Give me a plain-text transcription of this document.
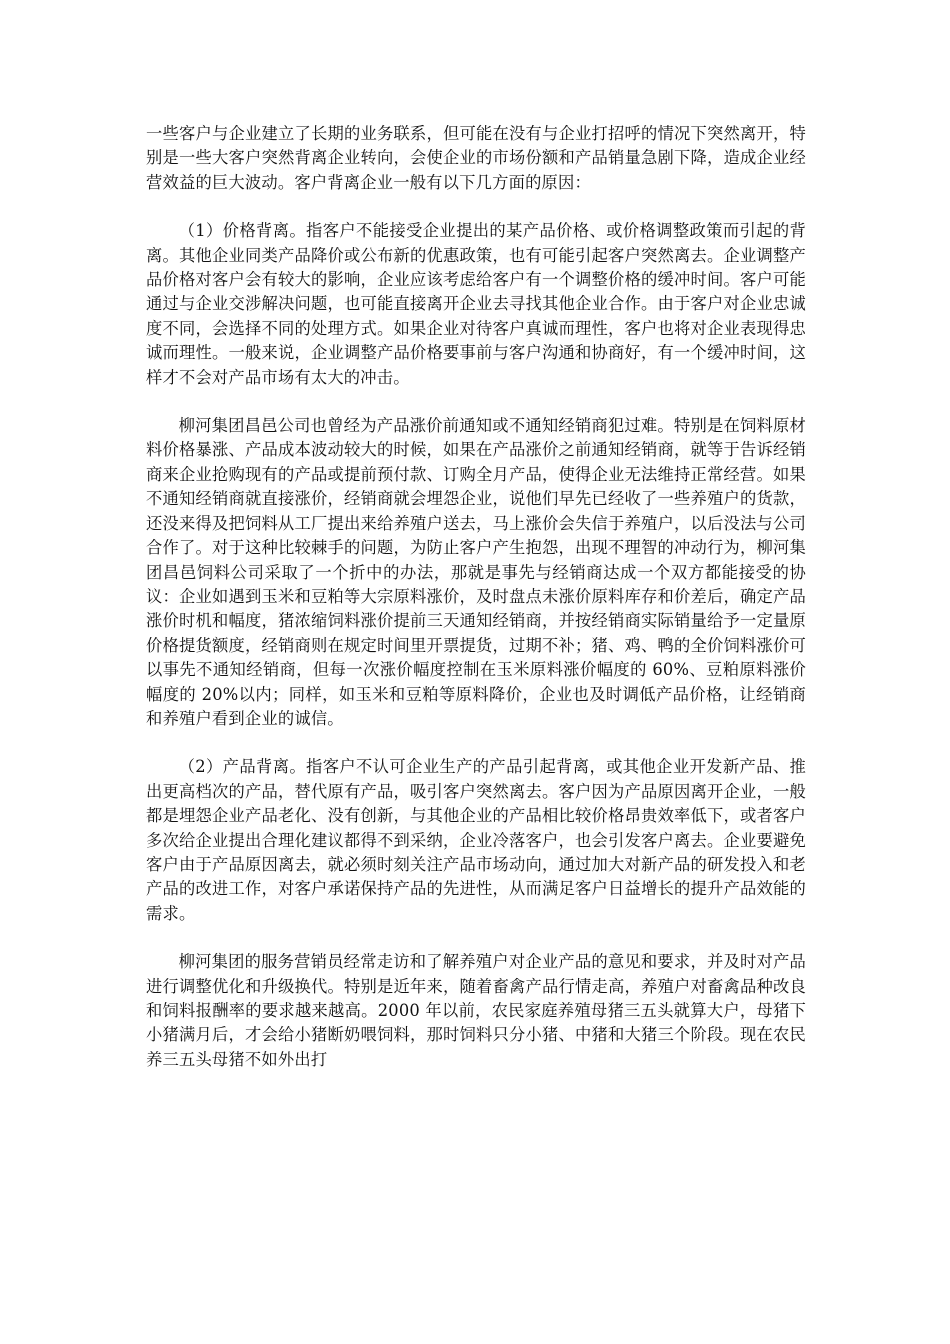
一些客户与企业建立了长期的业务联系，但可能在没有与企业打招呼的情况下突然离开，特别是一些大客户突然背离企业转向，会使企业的市场份额和产品销量急剧下降，造成企业经营效益的巨大波动。客户背离企业一般有以下几方面的原因：

（1）价格背离。指客户不能接受企业提出的某产品价格、或价格调整政策而引起的背离。其他企业同类产品降价或公布新的优惠政策，也有可能引起客户突然离去。企业调整产品价格对客户会有较大的影响，企业应该考虑给客户有一个调整价格的缓冲时间。客户可能通过与企业交涉解决问题，也可能直接离开企业去寻找其他企业合作。由于客户对企业忠诚度不同，会选择不同的处理方式。如果企业对待客户真诚而理性，客户也将对企业表现得忠诚而理性。一般来说，企业调整产品价格要事前与客户沟通和协商好，有一个缓冲时间，这样才不会对产品市场有太大的冲击。

柳河集团昌邑公司也曾经为产品涨价前通知或不通知经销商犯过难。特别是在饲料原材料价格暴涨、产品成本波动较大的时候，如果在产品涨价之前通知经销商，就等于告诉经销商来企业抢购现有的产品或提前预付款、订购全月产品，使得企业无法维持正常经营。如果不通知经销商就直接涨价，经销商就会埋怨企业，说他们早先已经收了一些养殖户的货款，还没来得及把饲料从工厂提出来给养殖户送去，马上涨价会失信于养殖户，以后没法与公司合作了。对于这种比较棘手的问题，为防止客户产生抱怨，出现不理智的冲动行为，柳河集团昌邑饲料公司采取了一个折中的办法，那就是事先与经销商达成一个双方都能接受的协议：企业如遇到玉米和豆粕等大宗原料涨价，及时盘点未涨价原料库存和价差后，确定产品涨价时机和幅度，猪浓缩饲料涨价提前三天通知经销商，并按经销商实际销量给予一定量原价格提货额度，经销商则在规定时间里开票提货，过期不补；猪、鸡、鸭的全价饲料涨价可以事先不通知经销商，但每一次涨价幅度控制在玉米原料涨价幅度的 60%、豆粕原料涨价幅度的 20%以内；同样，如玉米和豆粕等原料降价，企业也及时调低产品价格，让经销商和养殖户看到企业的诚信。

（2）产品背离。指客户不认可企业生产的产品引起背离，或其他企业开发新产品、推出更高档次的产品，替代原有产品，吸引客户突然离去。客户因为产品原因离开企业，一般都是埋怨企业产品老化、没有创新，与其他企业的产品相比较价格昂贵效率低下，或者客户多次给企业提出合理化建议都得不到采纳，企业冷落客户，也会引发客户离去。企业要避免客户由于产品原因离去，就必须时刻关注产品市场动向，通过加大对新产品的研发投入和老产品的改进工作，对客户承诺保持产品的先进性，从而满足客户日益增长的提升产品效能的需求。

柳河集团的服务营销员经常走访和了解养殖户对企业产品的意见和要求，并及时对产品进行调整优化和升级换代。特别是近年来，随着畜禽产品行情走高，养殖户对畜禽品种改良和饲料报酬率的要求越来越高。2000 年以前，农民家庭养殖母猪三五头就算大户，母猪下小猪满月后，才会给小猪断奶喂饲料，那时饲料只分小猪、中猪和大猪三个阶段。现在农民养三五头母猪不如外出打
